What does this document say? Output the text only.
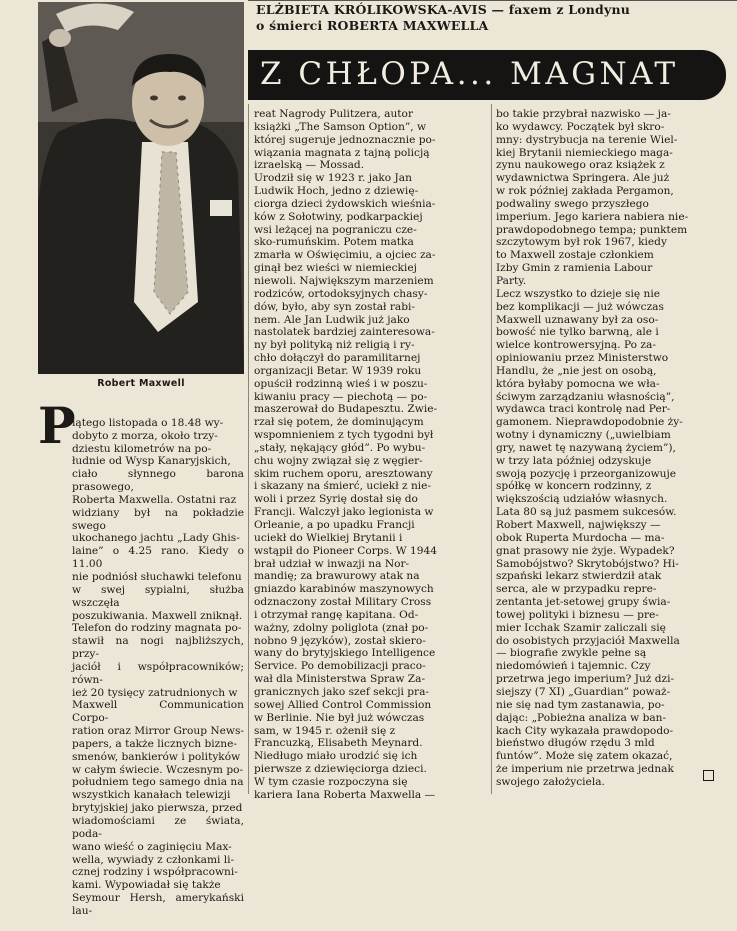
Robert Maxwell
ELŻBIETA KRÓLIKOWSKA-AVIS — faxem z Londynu
o śmierci ROBERTA MAXWELLA
Z CHŁOPA... MAGNAT
P

iątego listopada o 18.48 wy-
dobyto z morza, około trzy-
dziestu kilometrów na po-
łudnie od Wysp Kanaryjskich,
ciało słynnego barona prasowego,
Roberta Maxwella. Ostatni raz
widziany był na pokładzie swego
ukochanego jachtu „Lady Ghis-
laine” o 4.25 rano. Kiedy o 11.00
nie podniósł słuchawki telefonu
w swej sypialni, służba wszczęła
poszukiwania. Maxwell zniknął.
Telefon do rodziny magnata po-
stawił na nogi najbliższych, przy-
jaciół i współpracowników; równ-
ież 20 tysięcy zatrudnionych w
Maxwell Communication Corpo-
ration oraz Mirror Group News-
papers, a także licznych bizne-
smenów, bankierów i polityków
w całym świecie. Wczesnym po-
południem tego samego dnia na
wszystkich kanałach telewizji
brytyjskiej jako pierwsza, przed
wiadomościami ze świata, poda-
wano wieść o zaginięciu Max-
wella, wywiady z członkami li-
cznej rodziny i współpracowni-
kami. Wypowiadał się także
Seymour Hersh, amerykański lau-

reat Nagrody Pulitzera, autor
książki „The Samson Option”, w
której sugeruje jednoznacznie po-
wiązania magnata z tajną policją
izraelską — Mossad.
Urodził się w 1923 r. jako Jan
Ludwik Hoch, jedno z dziewię-
ciorga dzieci żydowskich wieśnia-
ków z Sołotwiny, podkarpackiej
wsi leżącej na pograniczu cze-
sko-rumuńskim. Potem matka
zmarła w Oświęcimiu, a ojciec za-
ginął bez wieści w niemieckiej
niewoli. Największym marzeniem
rodziców, ortodoksyjnych chasy-
dów, było, aby syn został rabi-
nem. Ale Jan Ludwik już jako
nastolatek bardziej zainteresowa-
ny był polityką niż religią i ry-
chło dołączył do paramilitarnej
organizacji Betar. W 1939 roku
opuścił rodzinną wieś i w poszu-
kiwaniu pracy — piechotą — po-
maszerował do Budapesztu. Zwie-
rzał się potem, że dominującym
wspomnieniem z tych tygodni był
„stały, nękający głód”. Po wybu-
chu wojny związał się z węgier-
skim ruchem oporu, aresztowany
i skazany na śmierć, uciekł z nie-
woli i przez Syrię dostał się do
Francji. Walczył jako legionista w
Orleanie, a po upadku Francji
uciekł do Wielkiej Brytanii i
wstąpił do Pioneer Corps. W 1944
brał udział w inwazji na Nor-
mandię; za brawurowy atak na
gniazdo karabinów maszynowych
odznaczony został Military Cross
i otrzymał rangę kapitana. Od-
ważny, zdolny poliglota (znał po-
nobno 9 języków), został skiero-
wany do brytyjskiego Intelligence
Service. Po demobilizacji praco-
wał dla Ministerstwa Spraw Za-
granicznych jako szef sekcji pra-
sowej Allied Control Commission
w Berlinie. Nie był już wówczas
sam, w 1945 r. ożenił się z
Francuzką, Elisabeth Meynard.
Niedługo miało urodzić się ich
pierwsze z dziewięciorga dzieci.
W tym czasie rozpoczyna się
kariera Iana Roberta Maxwella —
bo takie przybrał nazwisko — ja-
ko wydawcy. Początek był skro-
mny: dystrybucja na terenie Wiel-
kiej Brytanii niemieckiego maga-
zynu naukowego oraz książek z
wydawnictwa Springera. Ale już
w rok później zakłada Pergamon,
podwaliny swego przyszłego
imperium. Jego kariera nabiera nie-
prawdopodobnego tempa; punktem
szczytowym był rok 1967, kiedy
to Maxwell zostaje członkiem
Izby Gmin z ramienia Labour
Party.
Lecz wszystko to dzieje się nie
bez komplikacji — już wówczas
Maxwell uznawany był za oso-
bowość nie tylko barwną, ale i
wielce kontrowersyjną. Po za-
opiniowaniu przez Ministerstwo
Handlu, że „nie jest on osobą,
która byłaby pomocna we wła-
ściwym zarządzaniu własnością”,
wydawca traci kontrolę nad Per-
gamonem. Nieprawdopodobnie ży-
wotny i dynamiczny („uwielbiam
gry, nawet tę nazywaną życiem”),
w trzy lata później odzyskuje
swoją pozycję i przeorganizowuje
spółkę w koncern rodzinny, z
większością udziałów własnych.
Lata 80 są już pasmem sukcesów.
Robert Maxwell, największy —
obok Ruperta Murdocha — ma-
gnat prasowy nie żyje. Wypadek?
Samobójstwo? Skrytobójstwo? Hi-
szpański lekarz stwierdził atak
serca, ale w przypadku repre-
zentanta jet-setowej grupy świa-
towej polityki i biznesu — pre-
mier Icchak Szamir zaliczali się
do osobistych przyjaciół Maxwella
— biografie zwykle pełne są
niedomówień i tajemnic. Czy
przetrwa jego imperium? Już dzi-
siejszy (7 XI) „Guardian” poważ-
nie się nad tym zastanawia, po-
dając: „Pobieżna analiza w ban-
kach City wykazała prawdopodo-
bieństwo długów rzędu 3 mld
funtów”. Może się zatem okazać,
że imperium nie przetrwa jednak
swojego założyciela.
